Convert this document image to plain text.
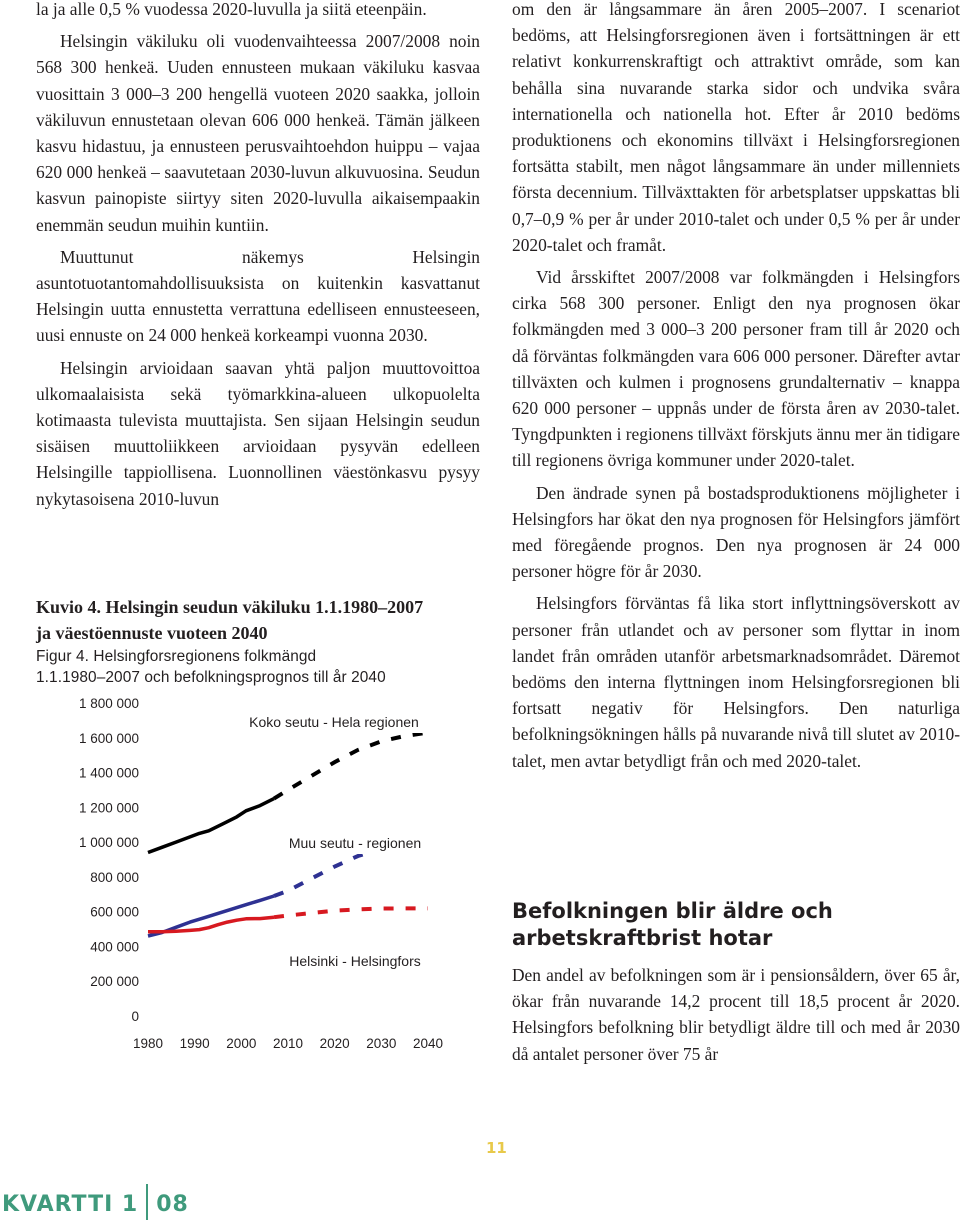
la ja alle 0,5 % vuodessa 2020-luvulla ja siitä eteenpäin.

Helsingin väkiluku oli vuodenvaihteessa 2007/2008 noin 568 300 henkeä. Uuden ennusteen mukaan väkiluku kasvaa vuosittain 3 000–3 200 hengellä vuoteen 2020 saakka, jolloin väkiluvun ennustetaan olevan 606 000 henkeä. Tämän jälkeen kasvu hidastuu, ja ennusteen perusvaihtoehdon huippu – vajaa 620 000 henkeä – saavutetaan 2030-luvun alkuvuosina. Seudun kasvun painopiste siirtyy siten 2020-luvulla aikaisempaakin enemmän seudun muihin kuntiin.

Muuttunut näkemys Helsingin asuntotuotantomahdollisuuksista on kuitenkin kasvattanut Helsingin uutta ennustetta verrattuna edelliseen ennusteeseen, uusi ennuste on 24 000 henkeä korkeampi vuonna 2030.

Helsingin arvioidaan saavan yhtä paljon muuttovoittoa ulkomaalaisista sekä työmarkkina-alueen ulkopuolelta kotimaasta tulevista muuttajista. Sen sijaan Helsingin seudun sisäisen muuttoliikkeen arvioidaan pysyvän edelleen Helsingille tappiollisena. Luonnollinen väestönkasvu pysyy nykytasoisena 2010-luvun

Kuvio 4. Helsingin seudun väkiluku 1.1.1980–2007

ja väestöennuste vuoteen 2040

Figur 4. Helsingforsregionens folkmängd

1.1.1980–2007 och befolkningsprognos till år 2040

1 800 000
1 600 000
1 400 000
1 200 000
1 000 000
800 000
600 000
400 000
200 000
0
1980 1990 2000 2010 2020 2030 2040
Koko seutu - Hela regionen
Muu seutu - regionen
Helsinki - Helsingfors

om den är långsammare än åren 2005–2007. I scenariot bedöms, att Helsingforsregionen även i fortsättningen är ett relativt konkurrenskraftigt och attraktivt område, som kan behålla sina nuvarande starka sidor och undvika svåra internationella och nationella hot. Efter år 2010 bedöms produktionens och ekonomins tillväxt i Helsingforsregionen fortsätta stabilt, men något långsammare än under millenniets första decennium. Tillväxttakten för arbetsplatser uppskattas bli 0,7–0,9 % per år under 2010-talet och under 0,5 % per år under 2020-talet och framåt.

Vid årsskiftet 2007/2008 var folkmängden i Helsingfors cirka 568 300 personer. Enligt den nya prognosen ökar folkmängden med 3 000–3 200 personer fram till år 2020 och då förväntas folkmängden vara 606 000 personer. Därefter avtar tillväxten och kulmen i prognosens grundalternativ – knappa 620 000 personer – uppnås under de första åren av 2030-talet. Tyngdpunkten i regionens tillväxt förskjuts ännu mer än tidigare till regionens övriga kommuner under 2020-talet.

Den ändrade synen på bostadsproduktionens möjligheter i Helsingfors har ökat den nya prognosen för Helsingfors jämfört med föregående prognos. Den nya prognosen är 24 000 personer högre för år 2030.

Helsingfors förväntas få lika stort inflyttningsöverskott av personer från utlandet och av personer som flyttar in inom landet från områden utanför arbetsmarknadsområdet. Däremot bedöms den interna flyttningen inom Helsingforsregionen bli fortsatt negativ för Helsingfors. Den naturliga befolkningsökningen hålls på nuvarande nivå till slutet av 2010-talet, men avtar betydligt från och med 2020-talet.

Befolkningen blir äldre och arbetskraftbrist hotar

Den andel av befolkningen som är i pensionsåldern, över 65 år, ökar från nuvarande 14,2 procent till 18,5 procent år 2020. Helsingfors befolkning blir betydligt äldre till och med år 2030 då antalet personer över 75 år

11
KVARTTI 1 08
